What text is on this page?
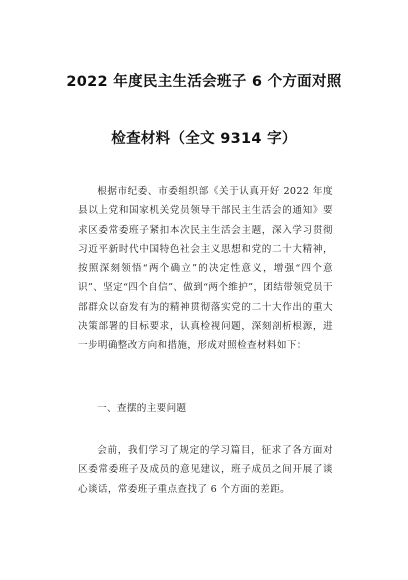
2022 年度民主生活会班子 6 个方面对照
检查材料（全文 9314 字）

根据市纪委、市委组织部《关于认真开好 2022 年度县以上党和国家机关党员领导干部民主生活会的通知》要求区委常委班子紧扣本次民主生活会主题，深入学习贯彻习近平新时代中国特色社会主义思想和党的二十大精神，按照深刻领悟“两个确立”的决定性意义，增强“四个意识”、坚定“四个自信”、做到“两个维护”，团结带领党员干部群众以奋发有为的精神贯彻落实党的二十大作出的重大决策部署的目标要求，认真检视问题，深刻剖析根源，进一步明确整改方向和措施，形成对照检查材料如下：

一、查摆的主要问题

会前，我们学习了规定的学习篇目，征求了各方面对区委常委班子及成员的意见建议，班子成员之间开展了谈心谈话，常委班子重点查找了 6 个方面的差距。
